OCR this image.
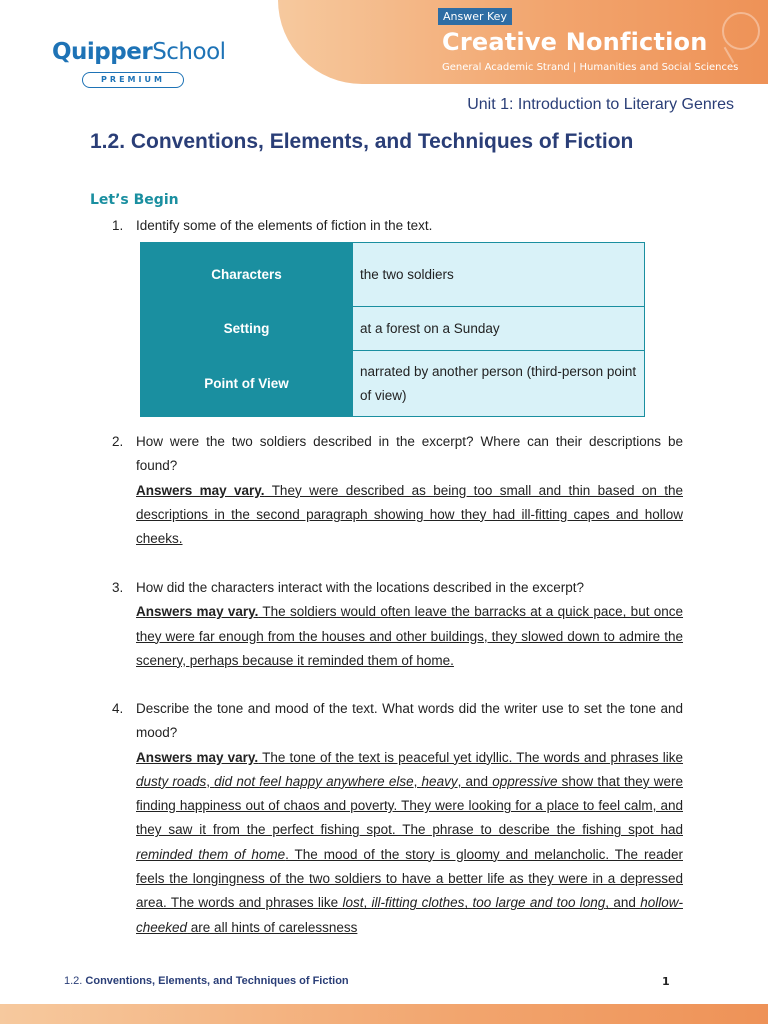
Answer Key
Creative Nonfiction
General Academic Strand | Humanities and Social Sciences
QuipperSchool
PREMIUM
Unit 1: Introduction to Literary Genres
1.2. Conventions, Elements, and Techniques of Fiction
Let’s Begin
1. Identify some of the elements of fiction in the text.
Characters	the two soldiers
Setting	at a forest on a Sunday
Point of View	narrated by another person (third-person point of view)
2. How were the two soldiers described in the excerpt? Where can their descriptions be found?
Answers may vary. They were described as being too small and thin based on the descriptions in the second paragraph showing how they had ill-fitting capes and hollow cheeks.
3. How did the characters interact with the locations described in the excerpt?
Answers may vary. The soldiers would often leave the barracks at a quick pace, but once they were far enough from the houses and other buildings, they slowed down to admire the scenery, perhaps because it reminded them of home.
4. Describe the tone and mood of the text. What words did the writer use to set the tone and mood?
Answers may vary. The tone of the text is peaceful yet idyllic. The words and phrases like dusty roads, did not feel happy anywhere else, heavy, and oppressive show that they were finding happiness out of chaos and poverty. They were looking for a place to feel calm, and they saw it from the perfect fishing spot. The phrase to describe the fishing spot had reminded them of home. The mood of the story is gloomy and melancholic. The reader feels the longingness of the two soldiers to have a better life as they were in a depressed area. The words and phrases like lost, ill-fitting clothes, too large and too long, and hollow-cheeked are all hints of carelessness
1.2. Conventions, Elements, and Techniques of Fiction	1
